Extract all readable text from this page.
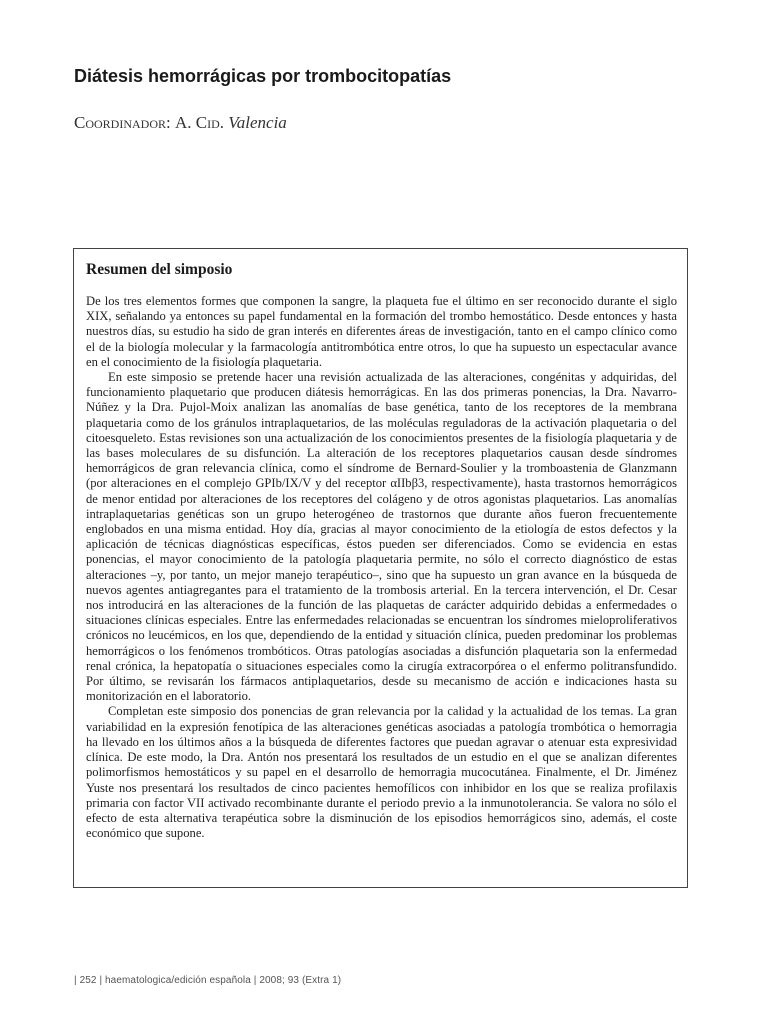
Diátesis hemorrágicas por trombocitopatías
Coordinador: A. Cid. Valencia
Resumen del simposio

De los tres elementos formes que componen la sangre, la plaqueta fue el último en ser reconocido durante el siglo XIX, señalando ya entonces su papel fundamental en la formación del trombo hemostático. Desde entonces y hasta nuestros días, su estudio ha sido de gran interés en diferentes áreas de investigación, tanto en el campo clínico como el de la biología molecular y la farmacología antitrombótica entre otros, lo que ha supuesto un espectacular avance en el conocimiento de la fisiología plaquetaria.

En este simposio se pretende hacer una revisión actualizada de las alteraciones, congénitas y adquiridas, del funcionamiento plaquetario que producen diátesis hemorrágicas. En las dos primeras ponencias, la Dra. Navarro-Núñez y la Dra. Pujol-Moix analizan las anomalías de base genética, tanto de los receptores de la membrana plaquetaria como de los gránulos intraplaquetarios, de las moléculas reguladoras de la activación plaquetaria o del citoesqueleto. Estas revisiones son una actualización de los conocimientos presentes de la fisiología plaquetaria y de las bases moleculares de su disfunción. La alteración de los receptores plaquetarios causan desde síndromes hemorrágicos de gran relevancia clínica, como el síndrome de Bernard-Soulier y la tromboastenia de Glanzmann (por alteraciones en el complejo GPIb/IX/V y del receptor αIIbβ3, respectivamente), hasta trastornos hemorrágicos de menor entidad por alteraciones de los receptores del colágeno y de otros agonistas plaquetarios. Las anomalías intraplaquetarias genéticas son un grupo heterogéneo de trastornos que durante años fueron frecuentemente englobados en una misma entidad. Hoy día, gracias al mayor conocimiento de la etiología de estos defectos y la aplicación de técnicas diagnósticas específicas, éstos pueden ser diferenciados. Como se evidencia en estas ponencias, el mayor conocimiento de la patología plaquetaria permite, no sólo el correcto diagnóstico de estas alteraciones –y, por tanto, un mejor manejo terapéutico–, sino que ha supuesto un gran avance en la búsqueda de nuevos agentes antiagregantes para el tratamiento de la trombosis arterial. En la tercera intervención, el Dr. Cesar nos introducirá en las alteraciones de la función de las plaquetas de carácter adquirido debidas a enfermedades o situaciones clínicas especiales. Entre las enfermedades relacionadas se encuentran los síndromes mieloproliferativos crónicos no leucémicos, en los que, dependiendo de la entidad y situación clínica, pueden predominar los problemas hemorrágicos o los fenómenos trombóticos. Otras patologías asociadas a disfunción plaquetaria son la enfermedad renal crónica, la hepatopatía o situaciones especiales como la cirugía extracorpórea o el enfermo politransfundido. Por último, se revisarán los fármacos antiplaquetarios, desde su mecanismo de acción e indicaciones hasta su monitorización en el laboratorio.

Completan este simposio dos ponencias de gran relevancia por la calidad y la actualidad de los temas. La gran variabilidad en la expresión fenotípica de las alteraciones genéticas asociadas a patología trombótica o hemorragia ha llevado en los últimos años a la búsqueda de diferentes factores que puedan agravar o atenuar esta expresividad clínica. De este modo, la Dra. Antón nos presentará los resultados de un estudio en el que se analizan diferentes polimorfismos hemostáticos y su papel en el desarrollo de hemorragia mucocutánea. Finalmente, el Dr. Jiménez Yuste nos presentará los resultados de cinco pacientes hemofílicos con inhibidor en los que se realiza profilaxis primaria con factor VII activado recombinante durante el periodo previo a la inmunotolerancia. Se valora no sólo el efecto de esta alternativa terapéutica sobre la disminución de los episodios hemorrágicos sino, además, el coste económico que supone.

| 252 | haematologica/edición española | 2008; 93 (Extra 1)
